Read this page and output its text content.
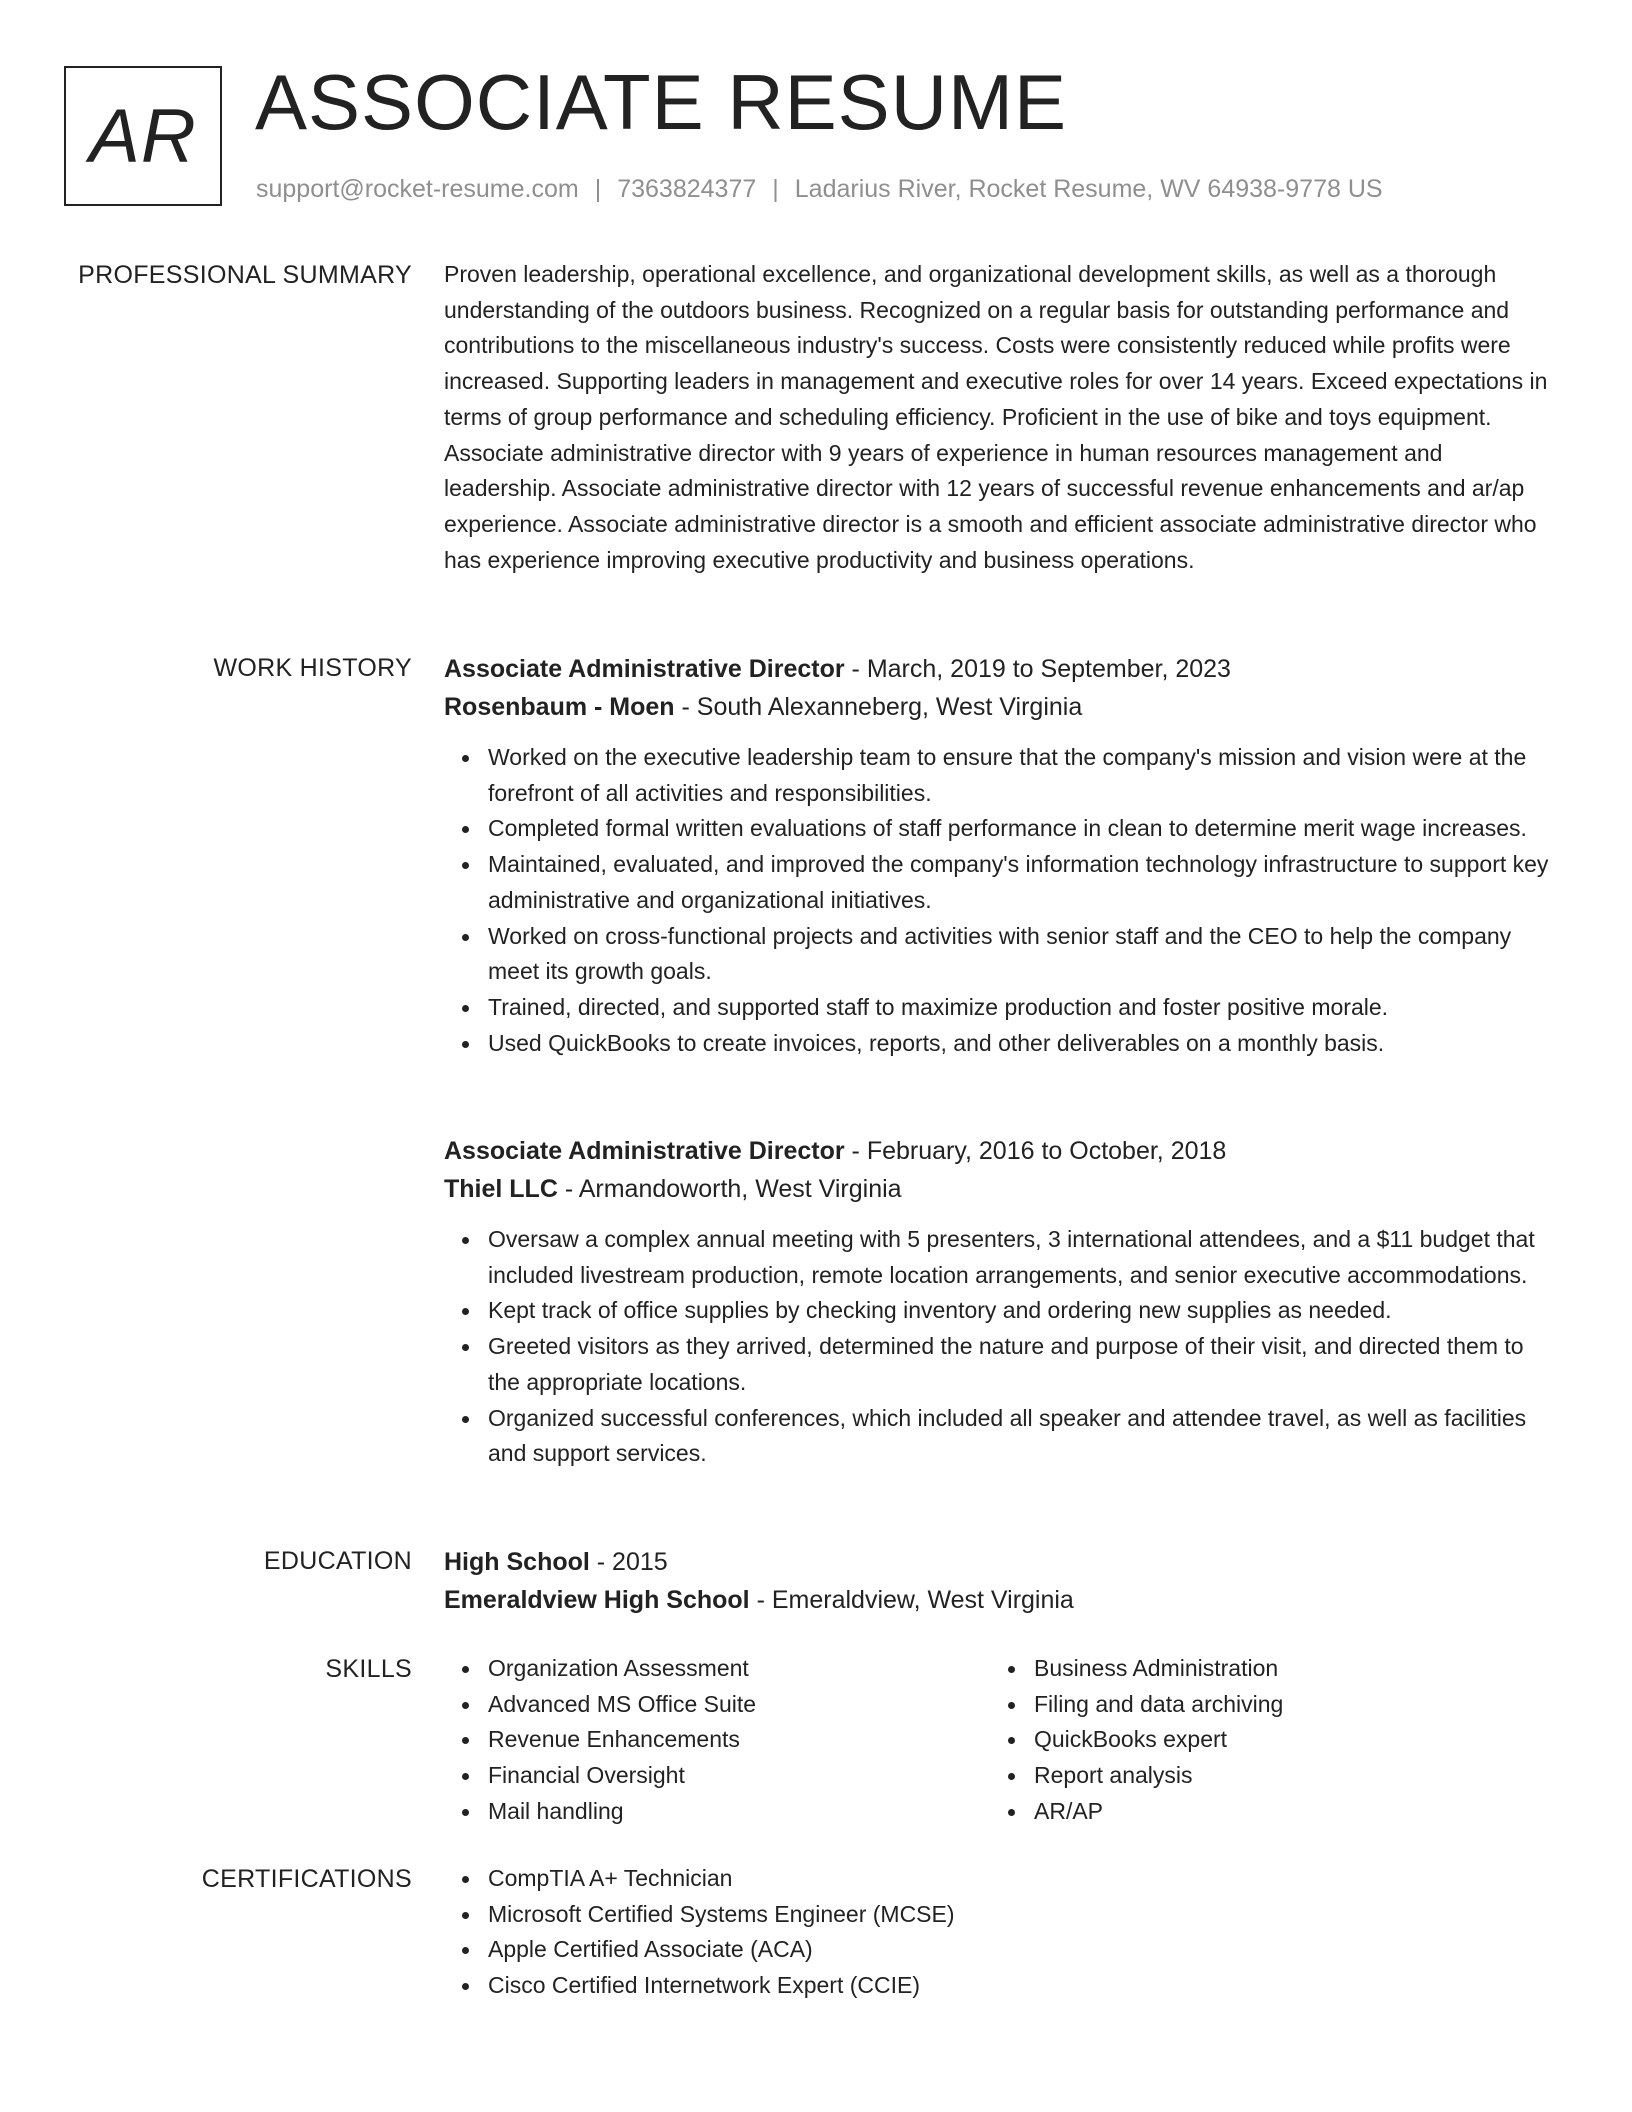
AR ASSOCIATE RESUME
support@rocket-resume.com | 7363824377 | Ladarius River, Rocket Resume, WV 64938-9778 US
PROFESSIONAL SUMMARY Proven leadership, operational excellence, and organizational development skills, as well as a thorough understanding of the outdoors business. Recognized on a regular basis for outstanding performance and contributions to the miscellaneous industry's success. Costs were consistently reduced while profits were increased. Supporting leaders in management and executive roles for over 14 years. Exceed expectations in terms of group performance and scheduling efficiency. Proficient in the use of bike and toys equipment. Associate administrative director with 9 years of experience in human resources management and leadership. Associate administrative director with 12 years of successful revenue enhancements and ar/ap experience. Associate administrative director is a smooth and efficient associate administrative director who has experience improving executive productivity and business operations.

WORK HISTORY Associate Administrative Director - March, 2019 to September, 2023
Rosenbaum - Moen - South Alexanneberg, West Virginia
Worked on the executive leadership team to ensure that the company's mission and vision were at the forefront of all activities and responsibilities.
Completed formal written evaluations of staff performance in clean to determine merit wage increases.
Maintained, evaluated, and improved the company's information technology infrastructure to support key administrative and organizational initiatives.
Worked on cross-functional projects and activities with senior staff and the CEO to help the company meet its growth goals.
Trained, directed, and supported staff to maximize production and foster positive morale.
Used QuickBooks to create invoices, reports, and other deliverables on a monthly basis.
Associate Administrative Director - February, 2016 to October, 2018
Thiel LLC - Armandoworth, West Virginia
Oversaw a complex annual meeting with 5 presenters, 3 international attendees, and a $11 budget that included livestream production, remote location arrangements, and senior executive accommodations.
Kept track of office supplies by checking inventory and ordering new supplies as needed.
Greeted visitors as they arrived, determined the nature and purpose of their visit, and directed them to the appropriate locations.
Organized successful conferences, which included all speaker and attendee travel, as well as facilities and support services.
EDUCATION High School - 2015
Emeraldview High School - Emeraldview, West Virginia
SKILLS	Organization Assessment
Advanced MS Office Suite
Revenue Enhancements
Financial Oversight
Mail handling
Business Administration
Filing and data archiving
QuickBooks expert
Report analysis
AR/AP
CERTIFICATIONS	CompTIA A+ Technician
Microsoft Certified Systems Engineer (MCSE)
Apple Certified Associate (ACA)
Cisco Certified Internetwork Expert (CCIE)
